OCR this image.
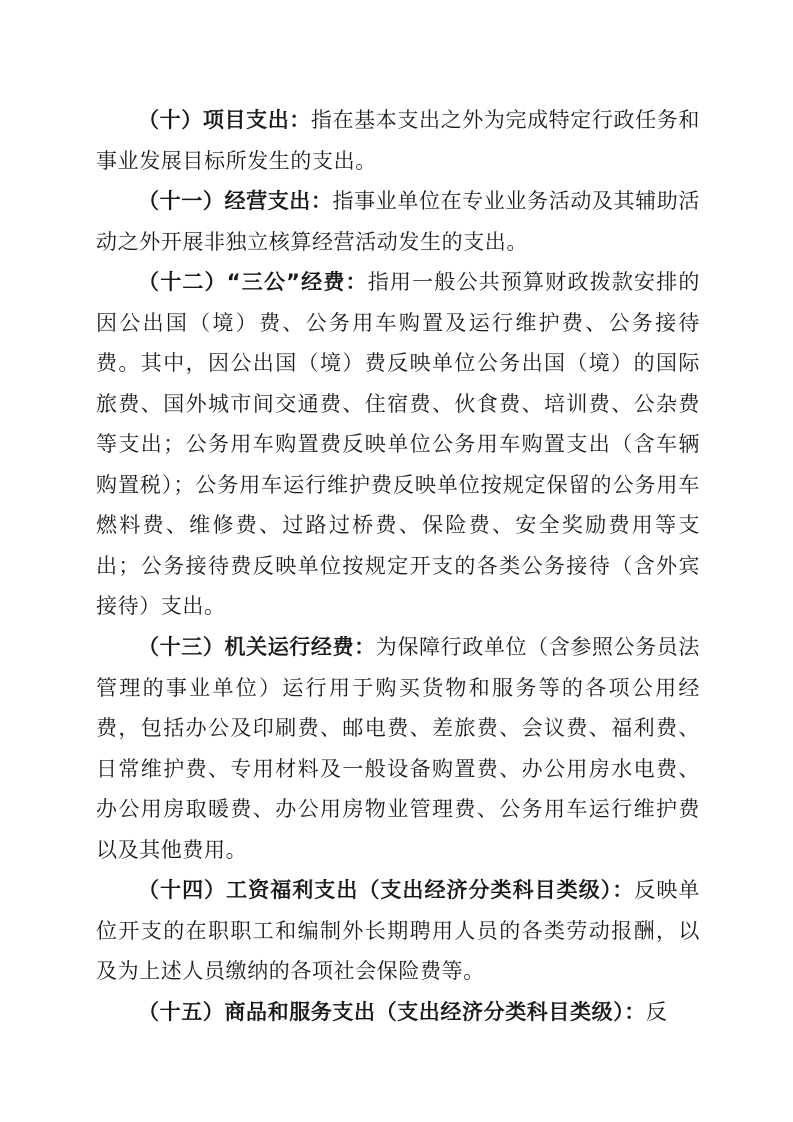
（十）项目支出：指在基本支出之外为完成特定行政任务和事业发展目标所发生的支出。

（十一）经营支出：指事业单位在专业业务活动及其辅助活动之外开展非独立核算经营活动发生的支出。

（十二）“三公”经费：指用一般公共预算财政拨款安排的因公出国（境）费、公务用车购置及运行维护费、公务接待费。其中，因公出国（境）费反映单位公务出国（境）的国际旅费、国外城市间交通费、住宿费、伙食费、培训费、公杂费等支出；公务用车购置费反映单位公务用车购置支出（含车辆购置税）；公务用车运行维护费反映单位按规定保留的公务用车燃料费、维修费、过路过桥费、保险费、安全奖励费用等支出；公务接待费反映单位按规定开支的各类公务接待（含外宾接待）支出。

（十三）机关运行经费：为保障行政单位（含参照公务员法管理的事业单位）运行用于购买货物和服务等的各项公用经费，包括办公及印刷费、邮电费、差旅费、会议费、福利费、日常维护费、专用材料及一般设备购置费、办公用房水电费、办公用房取暖费、办公用房物业管理费、公务用车运行维护费以及其他费用。

（十四）工资福利支出（支出经济分类科目类级）：反映单位开支的在职职工和编制外长期聘用人员的各类劳动报酬，以及为上述人员缴纳的各项社会保险费等。

（十五）商品和服务支出（支出经济分类科目类级）：反
